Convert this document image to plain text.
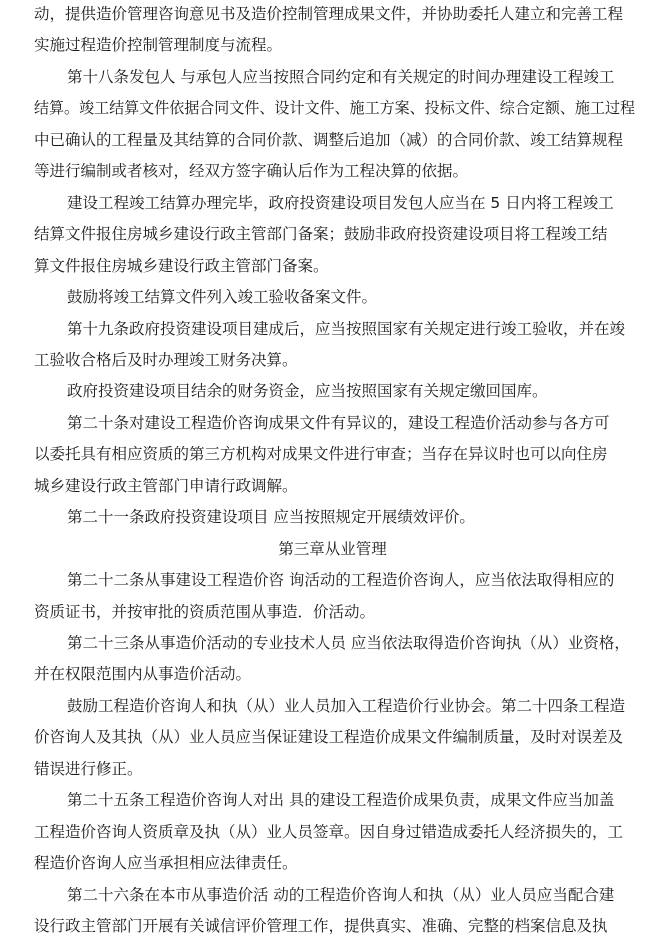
动，提供造价管理咨询意见书及造价控制管理成果文件，并协助委托人建立和完善工程
实施过程造价控制管理制度与流程。
第十八条发包人 与承包人应当按照合同约定和有关规定的时间办理建设工程竣工
结算。竣工结算文件依据合同文件、设计文件、施工方案、投标文件、综合定额、施工过程
中已确认的工程量及其结算的合同价款、调整后追加（减）的合同价款、竣工结算规程
等进行编制或者核对，经双方签字确认后作为工程决算的依据。
建设工程竣工结算办理完毕，政府投资建设项目发包人应当在 5 日内将工程竣工
结算文件报住房城乡建设行政主管部门备案；鼓励非政府投资建设项目将工程竣工结
算文件报住房城乡建设行政主管部门备案。
鼓励将竣工结算文件列入竣工验收备案文件。
第十九条政府投资建设项目建成后，应当按照国家有关规定进行竣工验收，并在竣
工验收合格后及时办理竣工财务决算。
政府投资建设项目结余的财务资金，应当按照国家有关规定缴回国库。
第二十条对建设工程造价咨询成果文件有异议的，建设工程造价活动参与各方可
以委托具有相应资质的第三方机构对成果文件进行审查；当存在异议时也可以向住房
城乡建设行政主管部门申请行政调解。
第二十一条政府投资建设项目 应当按照规定开展绩效评价。
第三章从业管理
第二十二条从事建设工程造价咨 询活动的工程造价咨询人，应当依法取得相应的
资质证书，并按审批的资质范围从事造．价活动。
第二十三条从事造价活动的专业技术人员 应当依法取得造价咨询执（从）业资格，
并在权限范围内从事造价活动。
鼓励工程造价咨询人和执（从）业人员加入工程造价行业协会。第二十四条工程造
价咨询人及其执（从）业人员应当保证建设工程造价成果文件编制质量，及时对误差及
错误进行修正。
第二十五条工程造价咨询人对出 具的建设工程造价成果负责，成果文件应当加盖
工程造价咨询人资质章及执（从）业人员签章。因自身过错造成委托人经济损失的，工
程造价咨询人应当承担相应法律责任。
第二十六条在本市从事造价活 动的工程造价咨询人和执（从）业人员应当配合建
设行政主管部门开展有关诚信评价管理工作，提供真实、准确、完整的档案信息及执
